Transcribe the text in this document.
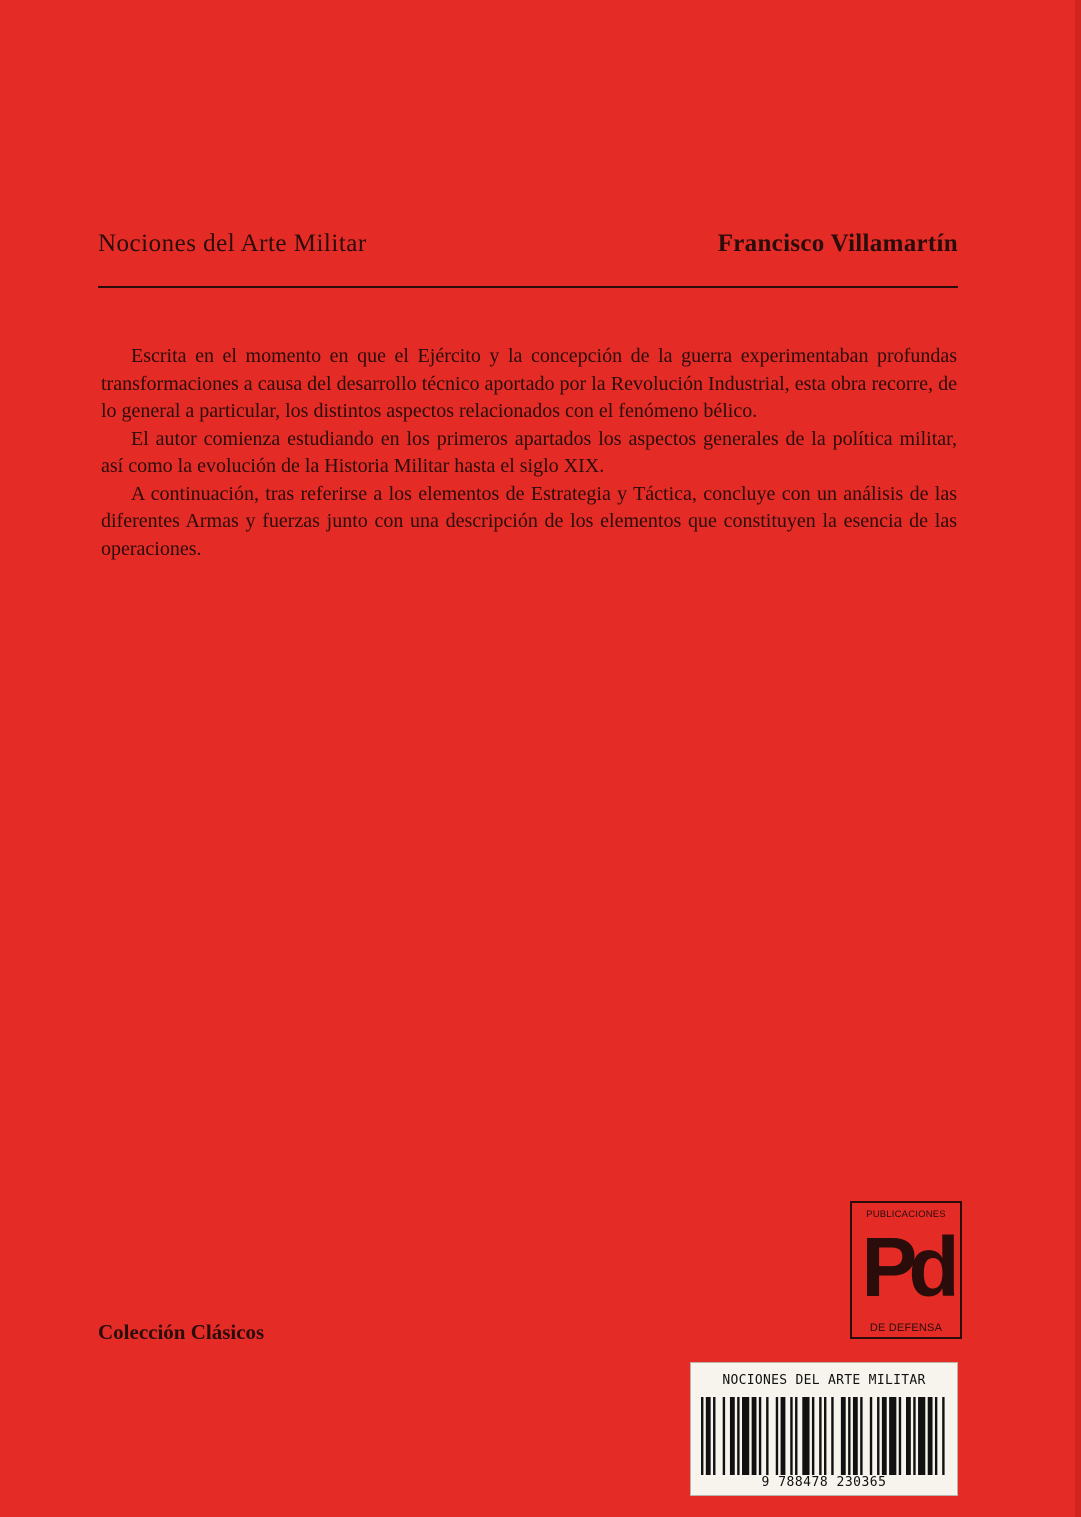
Nociones del Arte Militar	Francisco Villamartín

Escrita en el momento en que el Ejército y la concepción de la guerra experimentaban profundas transformaciones a causa del desarrollo técnico aportado por la Revolución Industrial, esta obra recorre, de lo general a particular, los distintos aspectos relacionados con el fenómeno bélico.

El autor comienza estudiando en los primeros apartados los aspectos generales de la política militar, así como la evolución de la Historia Militar hasta el siglo XIX.

A continuación, tras referirse a los elementos de Estrategia y Táctica, concluye con un análisis de las diferentes Armas y fuerzas junto con una descripción de los elementos que constituyen la esencia de las operaciones.

Colección Clásicos
PUBLICACIONES
Pd
DE DEFENSA
NOCIONES DEL ARTE MILITAR
9 788478 230365
